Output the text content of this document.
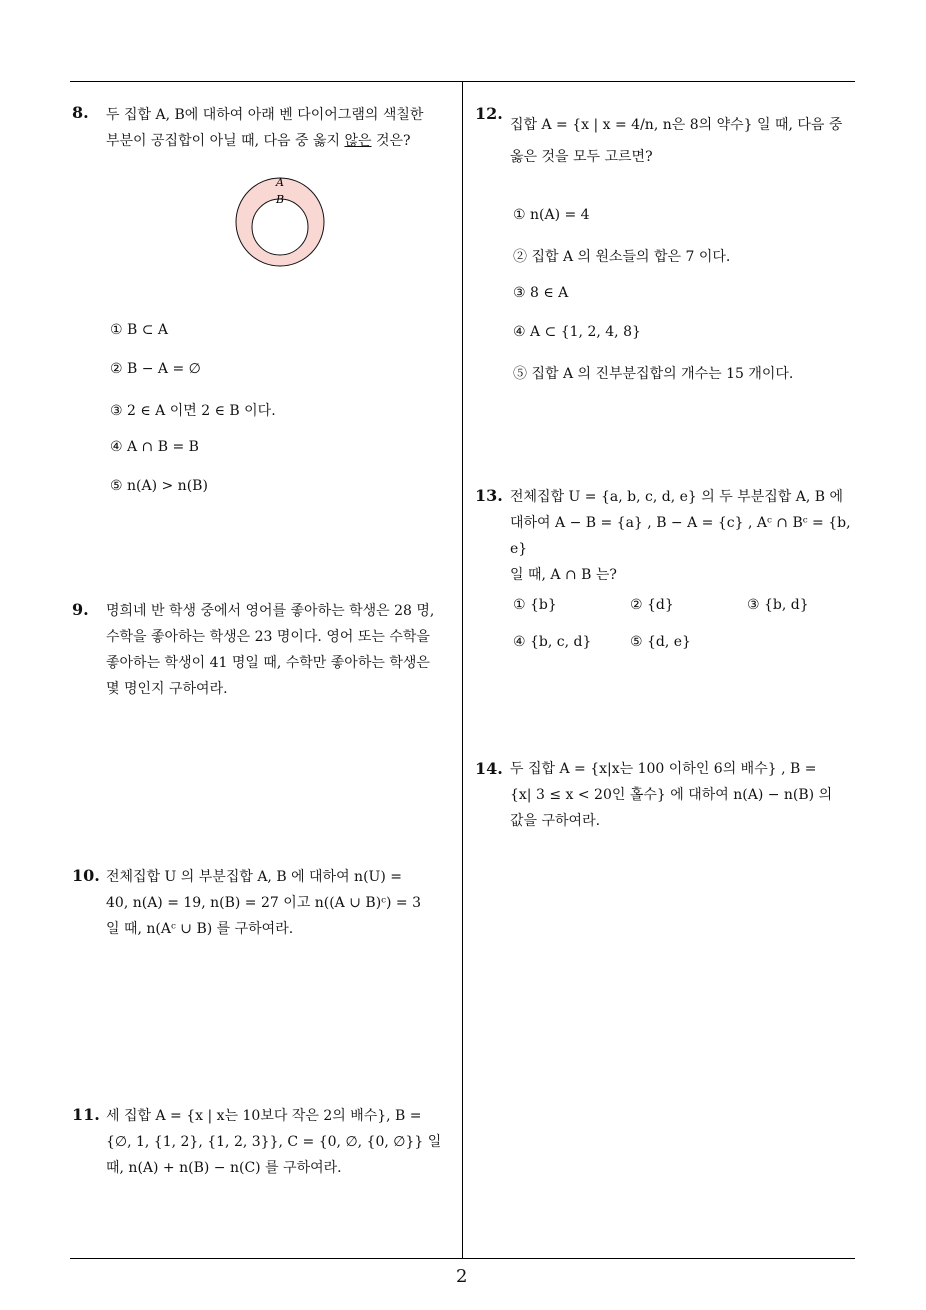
8. 두 집합 A, B에 대하여 아래 벤 다이어그램의 색칠한
부분이 공집합이 아닐 때, 다음 중 옳지 않은 것은?
A
B
① B ⊂ A
② B − A = ∅
③ 2 ∈ A 이면 2 ∈ B 이다.
④ A ∩ B = B
⑤ n(A) > n(B)
9. 명희네 반 학생 중에서 영어를 좋아하는 학생은 28 명,
수학을 좋아하는 학생은 23 명이다. 영어 또는 수학을
좋아하는 학생이 41 명일 때, 수학만 좋아하는 학생은
몇 명인지 구하여라.
10. 전체집합 U 의 부분집합 A, B 에 대하여 n(U) =
40, n(A) = 19, n(B) = 27 이고 n((A ∪ B)ᶜ) = 3
일 때, n(Aᶜ ∪ B) 를 구하여라.
11. 세 집합 A = {x | x는 10보다 작은 2의 배수}, B =
{∅, 1, {1, 2}, {1, 2, 3}}, C = {0, ∅, {0, ∅}} 일
때, n(A) + n(B) − n(C) 를 구하여라.
12.
집합 A = {x | x = 4/n, n은 8의 약수} 일 때, 다음 중
옳은 것을 모두 고르면?
① n(A) = 4
② 집합 A 의 원소들의 합은 7 이다.
③ 8 ∈ A
④ A ⊂ {1, 2, 4, 8}
⑤ 집합 A 의 진부분집합의 개수는 15 개이다.
13. 전체집합 U = {a, b, c, d, e} 의 두 부분집합 A, B 에
대하여 A − B = {a} , B − A = {c} , Aᶜ ∩ Bᶜ = {b, e}
일 때, A ∩ B 는?
① {b}	② {d}	③ {b, d}
④ {b, c, d}	⑤ {d, e}
14. 두 집합 A = {x|x는 100 이하인 6의 배수} , B =
{x| 3 ≤ x < 20인 홀수} 에 대하여 n(A) − n(B) 의
값을 구하여라.
2
